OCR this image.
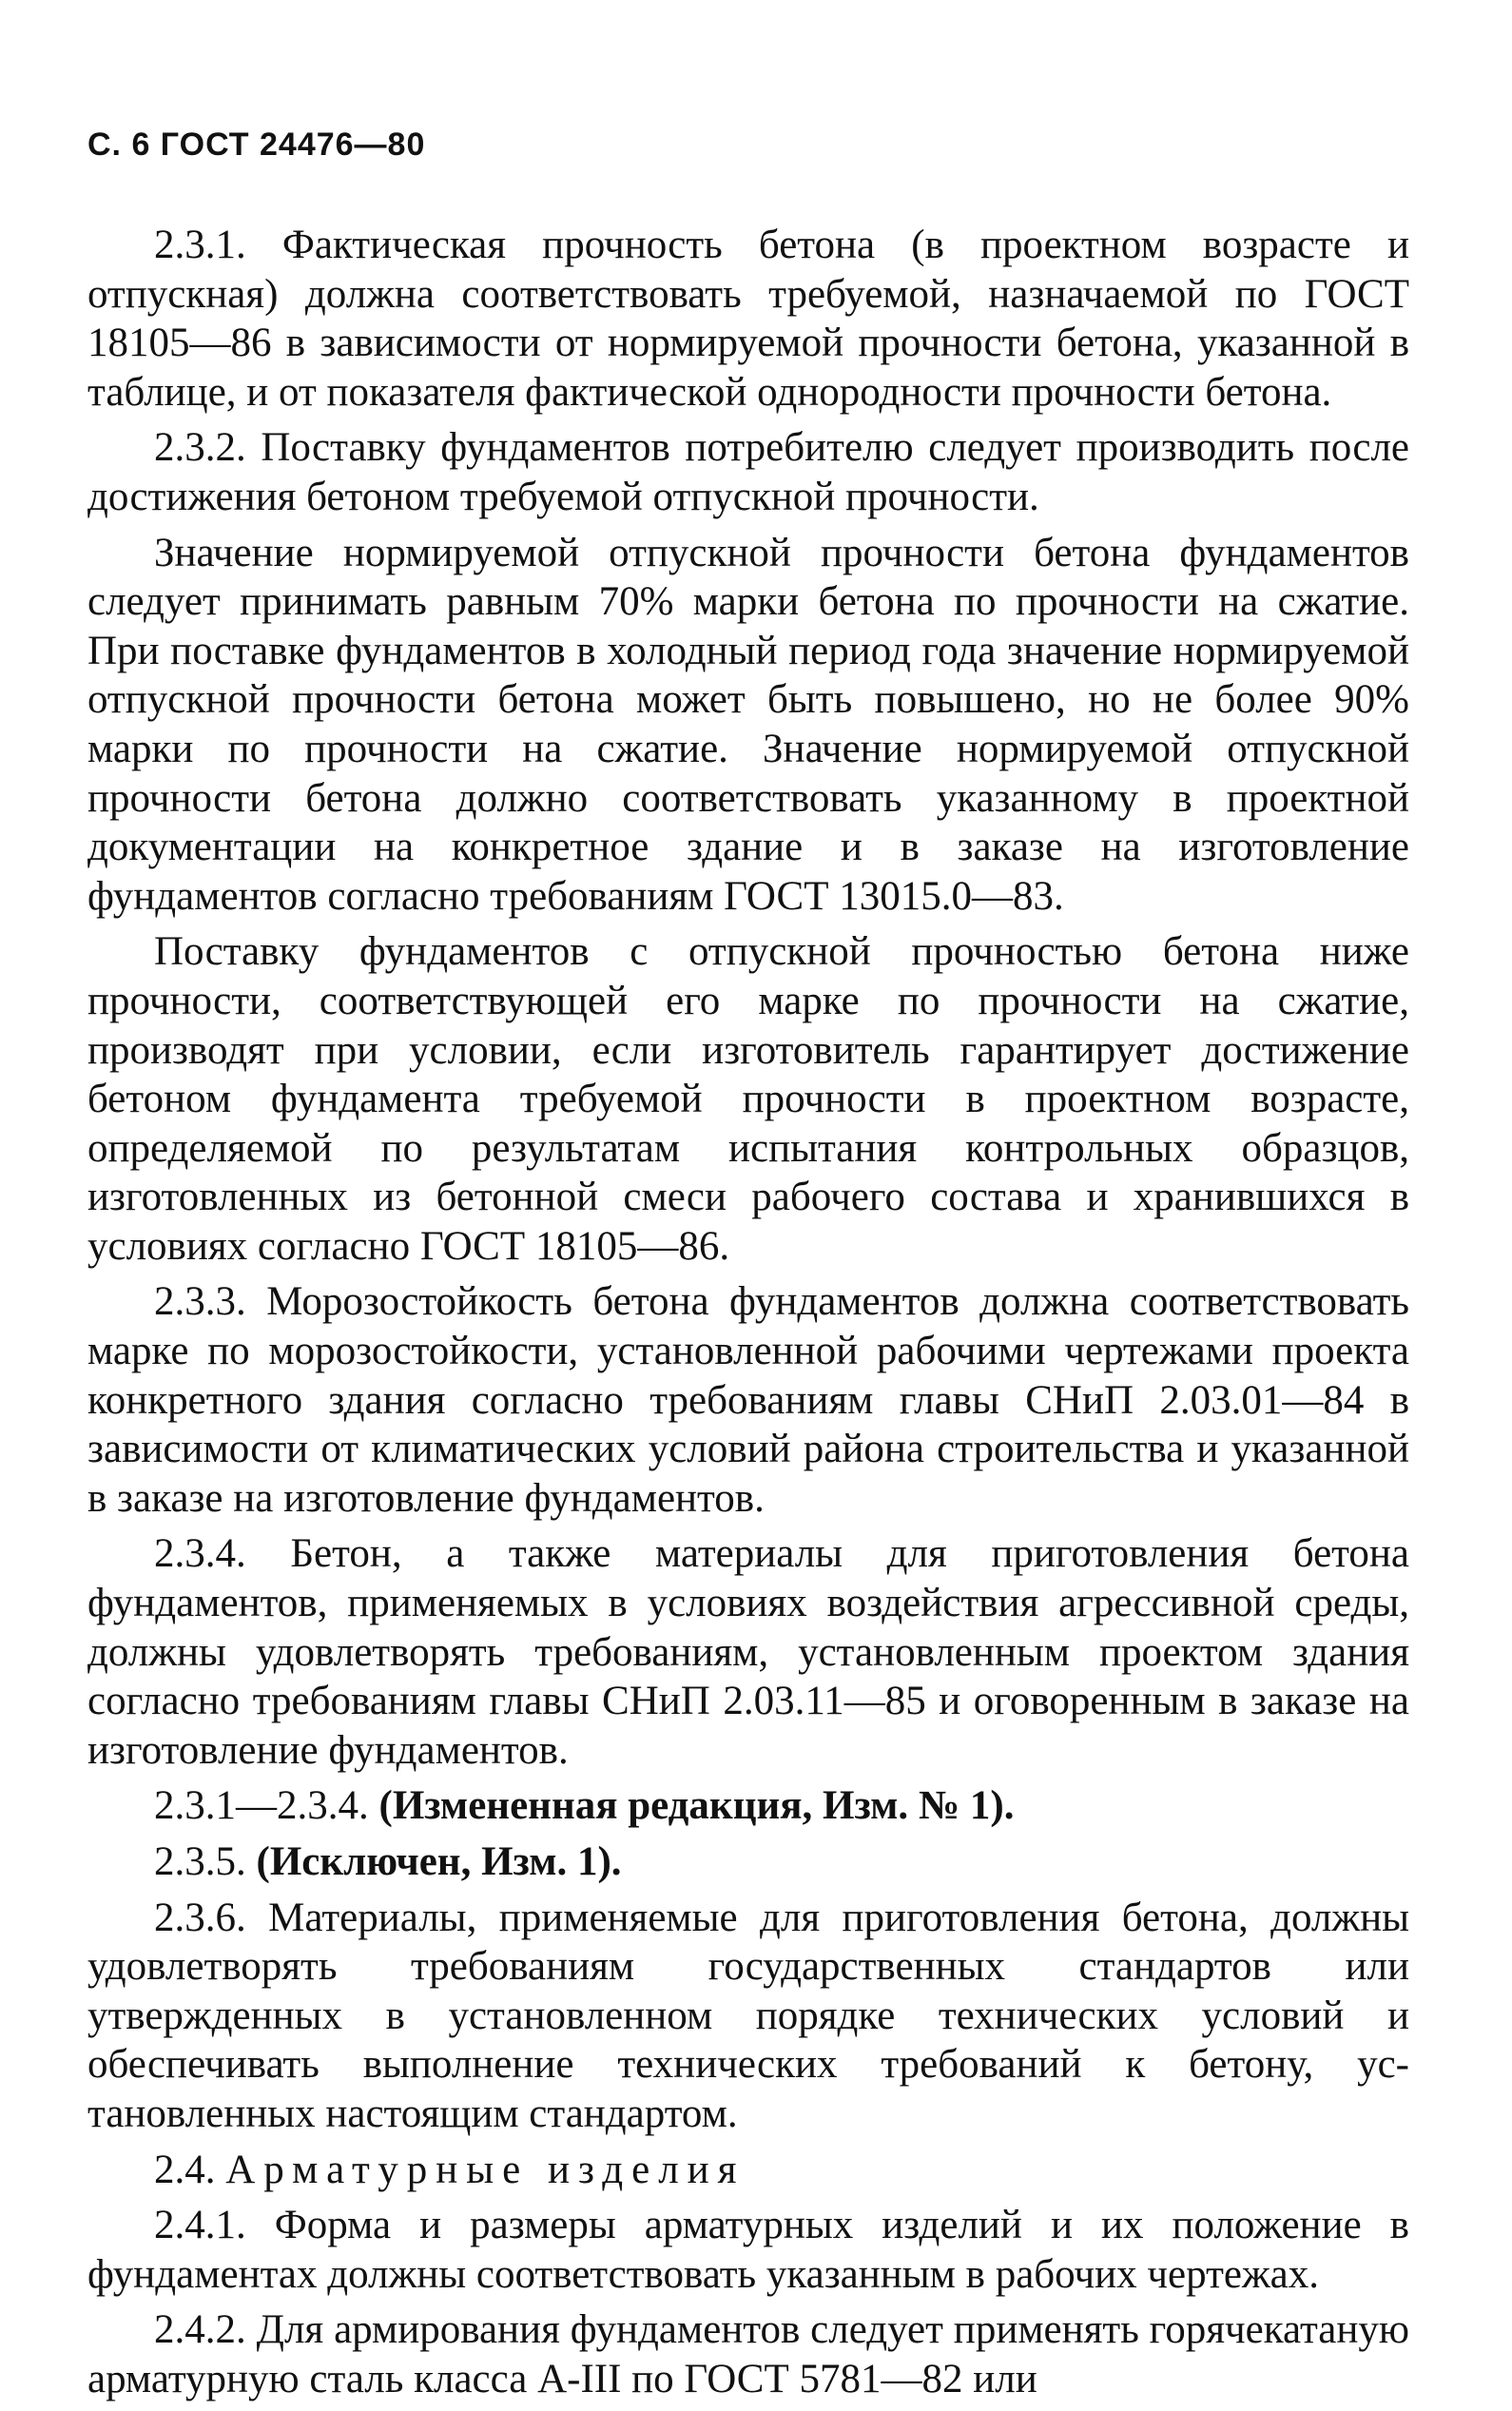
С. 6 ГОСТ 24476—80

2.3.1. Фактическая прочность бетона (в проектном возрасте и отпускная) должна соответствовать требуемой, назначаемой по ГОСТ 18105—86 в зависимости от нормируемой прочности бетона, указанной в таблице, и от показателя фактической однородности прочности бетона.

2.3.2. Поставку фундаментов потребителю следует производить после достижения бетоном требуемой отпускной прочности.

Значение нормируемой отпускной прочности бетона фундаментов следует принимать равным 70% марки бетона по прочности на сжатие. При поставке фундаментов в холодный период года значение нормируемой отпускной прочности бетона может быть повышено, но не более 90% марки по прочности на сжатие. Значение нормируемой отпускной прочности бетона должно соответствовать указанному в проектной документации на конкретное здание и в заказе на изготовление фундаментов согласно требованиям ГОСТ 13015.0—83.

Поставку фундаментов с отпускной прочностью бетона ниже прочности, соответствующей его марке по прочности на сжатие, производят при условии, если изготовитель гарантирует достижение бетоном фундамента требуемой прочности в проектном возрасте, определяемой по результатам испытания контрольных образцов, изготовленных из бетонной смеси рабочего состава и хранившихся в условиях согласно ГОСТ 18105—86.

2.3.3. Морозостойкость бетона фундаментов должна соответствовать марке по морозостойкости, установленной рабочими чертежами проекта конкретного здания согласно требованиям главы СНиП 2.03.01—84 в зависимости от климатических условий района строительства и указанной в заказе на изготовление фундаментов.

2.3.4. Бетон, а также материалы для приготовления бетона фундаментов, применяемых в условиях воздействия агрессивной среды, должны удовлетворять требованиям, установленным проектом здания согласно требованиям главы СНиП 2.03.11—85 и оговоренным в заказе на изготовление фундаментов.

2.3.1—2.3.4. (Измененная редакция, Изм. № 1).

2.3.5. (Исключен, Изм. 1).

2.3.6. Материалы, применяемые для приготовления бетона, должны удовлетворять требованиям государственных стандартов или утвержденных в установленном порядке технических условий и обеспечивать выполнение технических требований к бетону, установленных настоящим стандартом.

2.4. Арматурные изделия

2.4.1. Форма и размеры арматурных изделий и их положение в фундаментах должны соответствовать указанным в рабочих чертежах.

2.4.2. Для армирования фундаментов следует применять горячекатаную арматурную сталь класса А-III по ГОСТ 5781—82 или
